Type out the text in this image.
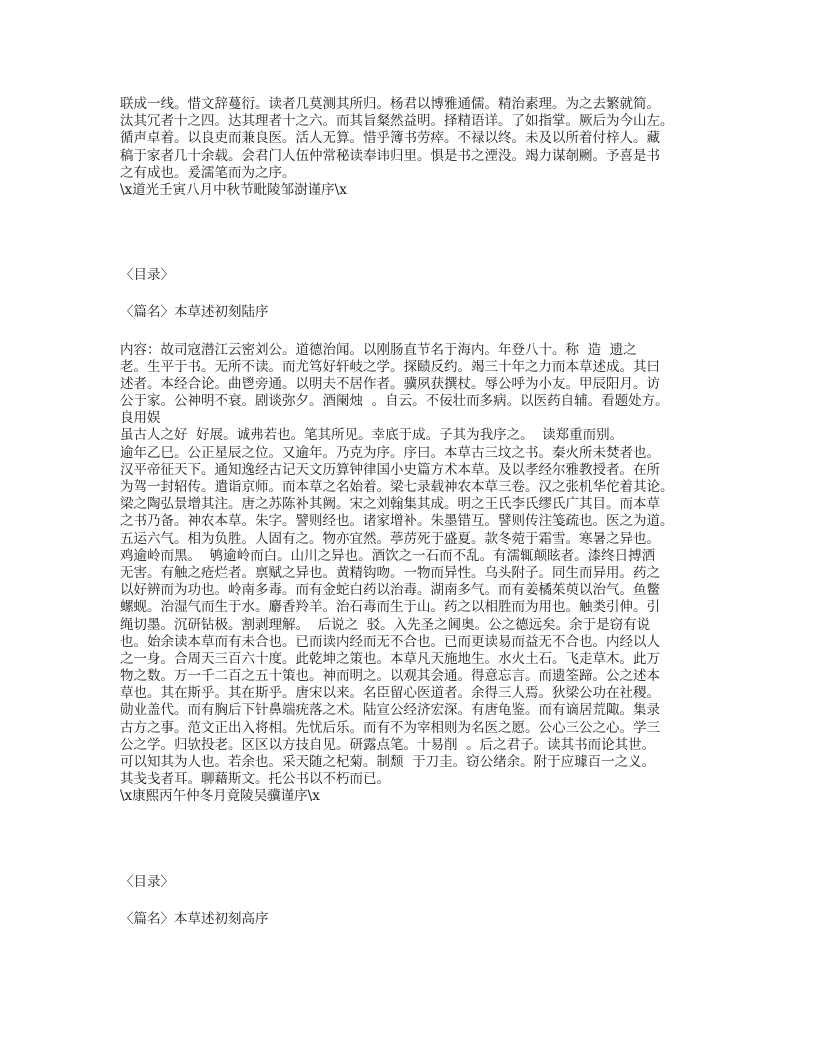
联成一线。惜文辞蔓衍。读者几莫测其所归。杨君以博雅通儒。精治素理。为之去繁就简。
汰其冗者十之四。达其理者十之六。而其旨粲然益明。择精语详。了如指掌。厥后为今山左。
循声卓着。以良吏而兼良医。活人无算。惜乎簿书劳瘁。不禄以终。未及以所着付梓人。藏
稿于家者几十余载。会君门人伍仲常秘读奉讳归里。惧是书之湮没。竭力谋剞劂。予喜是书
之有成也。爰濡笔而为之序。
\x道光壬寅八月中秋节毗陵邹澍谨序\x
〈目录〉
〈篇名〉本草述初刻陆序
内容：故司寇潜江云密刘公。道德治闻。以刚肠直节名于海内。年登八十。称  造  遗之
老。生平于书。无所不读。而尤笃好轩岐之学。探赜反约。竭三十年之力而本草述成。其曰
述者。本经合论。曲鬯旁通。以明夫不居作者。骥夙获撰杖。辱公呼为小友。甲辰阳月。访
公于家。公神明不衰。剧谈弥夕。酒阑烛  。自云。不佞壮而多病。以医药自辅。看题处方。
良用娱
虽古人之好  好展。诚弗若也。笔其所见。幸底于成。子其为我序之。  读郑重而别。
逾年乙巳。公正星辰之位。又逾年。乃克为序。序曰。本草古三坟之书。秦火所未焚者也。
汉平帝征天下。通知逸经古记天文历算钟律国小史篇方术本草。及以孝经尔雅教授者。在所
为驾一封轺传。遣诣京师。而本草之名始着。梁七录载神农本草三卷。汉之张机华佗着其论。
梁之陶弘景增其注。唐之苏陈补其阙。宋之刘翰集其成。明之王氏李氏缪氏广其目。而本草
之书乃备。神农本草。朱字。譬则经也。诸家增补。朱墨错互。譬则传注笺疏也。医之为道。
五运六气。相为负胜。人固有之。物亦宜然。葶苈死于盛夏。款冬菀于霜雪。寒暑之异也。
鸡逾岭而黑。  鸲逾岭而白。山川之异也。酒饮之一石而不乱。有濡辄颠眩者。漆终日搏洒
无害。有触之疮烂者。禀赋之异也。黄精钩吻。一物而异性。乌头附子。同生而异用。药之
以好辨而为功也。岭南多毒。而有金蛇白药以治毒。湖南多气。而有姜橘茱萸以治气。鱼鳖
螺蚬。治湿气而生于水。麝香羚羊。治石毒而生于山。药之以相胜而为用也。触类引伸。引
绳切墨。沉研钻极。割剥理解。  后说之  驳。入先圣之阃奥。公之德远矣。余于是窃有说
也。始余读本草而有未合也。已而读内经而无不合也。已而更读易而益无不合也。内经以人
之一身。合周天三百六十度。此乾坤之策也。本草凡天施地生。水火土石。飞走草木。此万
物之数。万一千二百之五十策也。神而明之。以观其会通。得意忘言。而遗筌蹄。公之述本
草也。其在斯乎。其在斯乎。唐宋以来。名臣留心医道者。余得三人焉。狄梁公功在社稷。
勋业盖代。而有胸后下针鼻端疣落之术。陆宣公经济宏深。有唐龟鉴。而有谪居荒陬。集录
古方之事。范文正出入将相。先忧后乐。而有不为宰相则为名医之愿。公心三公之心。学三
公之学。归欤投老。区区以方技自见。研露点笔。十易削  。后之君子。读其书而论其世。
可以知其为人也。若余也。采天随之杞菊。制颓  于刀圭。窃公绪余。附于应璩百一之义。
其戋戋者耳。聊藉斯文。托公书以不朽而已。
\x康熙丙午仲冬月竟陵吴骥谨序\x
〈目录〉
〈篇名〉本草述初刻高序
